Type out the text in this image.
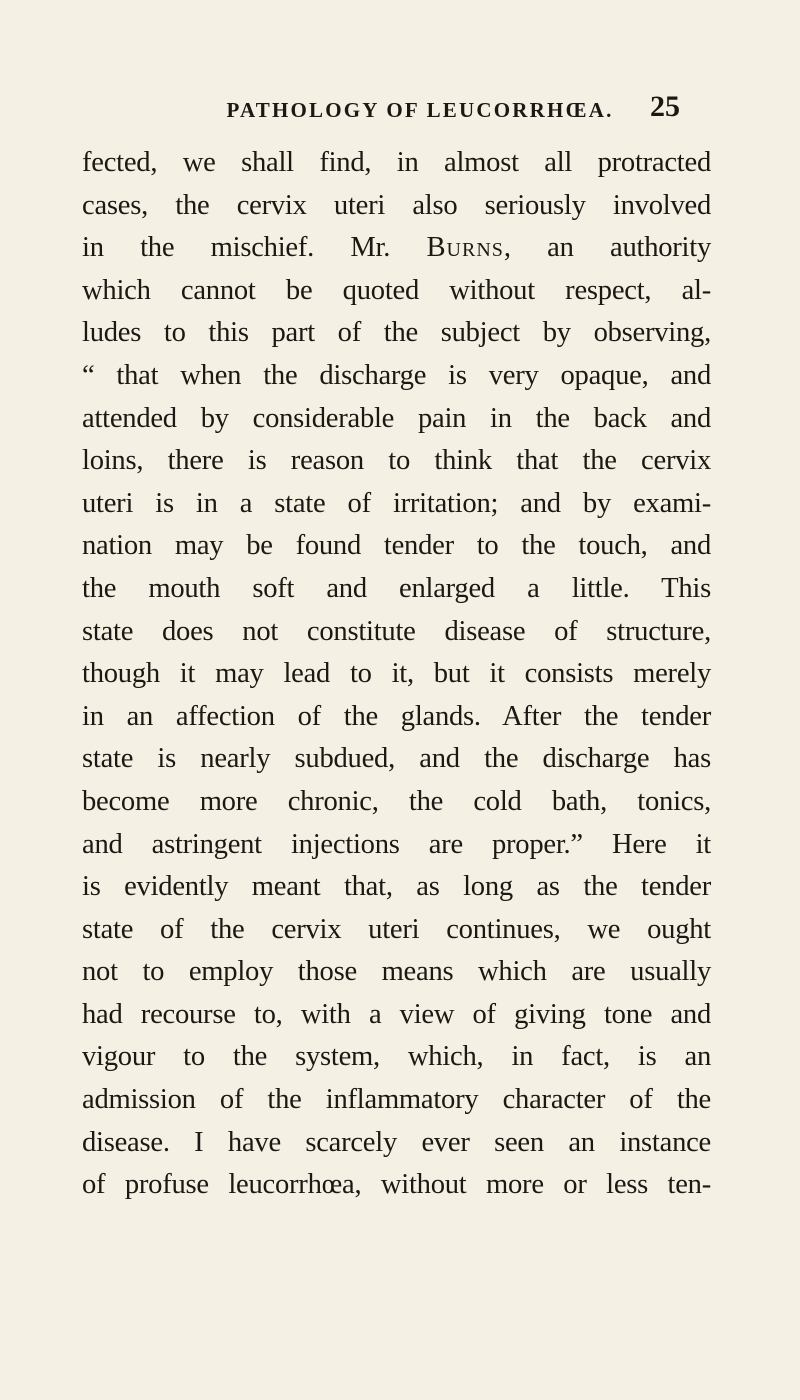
PATHOLOGY OF LEUCORRHŒA.	25
fected, we shall find, in almost all protracted
cases, the cervix uteri also seriously involved
in the mischief. Mr. Burns, an authority
which cannot be quoted without respect, al-
ludes to this part of the subject by observing,
“ that when the discharge is very opaque, and
attended by considerable pain in the back and
loins, there is reason to think that the cervix
uteri is in a state of irritation; and by exami-
nation may be found tender to the touch, and
the mouth soft and enlarged a little. This
state does not constitute disease of structure,
though it may lead to it, but it consists merely
in an affection of the glands. After the tender
state is nearly subdued, and the discharge has
become more chronic, the cold bath, tonics,
and astringent injections are proper.” Here it
is evidently meant that, as long as the tender
state of the cervix uteri continues, we ought
not to employ those means which are usually
had recourse to, with a view of giving tone and
vigour to the system, which, in fact, is an
admission of the inflammatory character of the
disease. I have scarcely ever seen an instance
of profuse leucorrhœa, without more or less ten-
